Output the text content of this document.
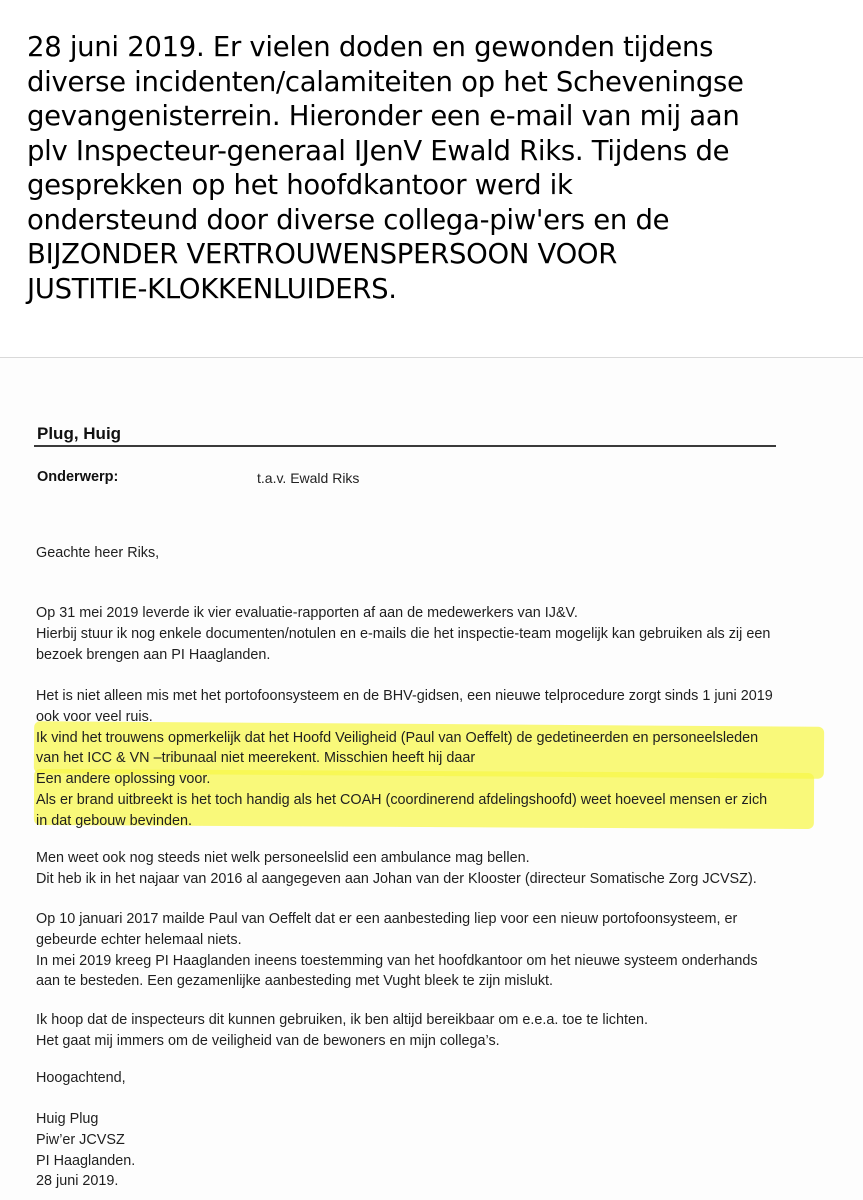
28 juni 2019. Er vielen doden en gewonden tijdens
diverse incidenten/calamiteiten op het Scheveningse
gevangenisterrein. Hieronder een e-mail van mij aan
plv Inspecteur-generaal IJenV Ewald Riks. Tijdens de
gesprekken op het hoofdkantoor werd ik
ondersteund door diverse collega-piw'ers en de
BIJZONDER VERTROUWENSPERSOON VOOR
JUSTITIE-KLOKKENLUIDERS.
Plug, Huig
Onderwerp:	t.a.v. Ewald Riks
Geachte heer Riks,
Op 31 mei 2019 leverde ik vier evaluatie-rapporten af aan de medewerkers van IJ&V.
Hierbij stuur ik nog enkele documenten/notulen en e-mails die het inspectie-team mogelijk kan gebruiken als zij een
bezoek brengen aan PI Haaglanden.
Het is niet alleen mis met het portofoonsysteem en de BHV-gidsen, een nieuwe telprocedure zorgt sinds 1 juni 2019
ook voor veel ruis.
Ik vind het trouwens opmerkelijk dat het Hoofd Veiligheid (Paul van Oeffelt) de gedetineerden en personeelsleden
van het ICC & VN –tribunaal niet meerekent. Misschien heeft hij daar
Een andere oplossing voor.
Als er brand uitbreekt is het toch handig als het COAH (coordinerend afdelingshoofd) weet hoeveel mensen er zich
in dat gebouw bevinden.
Men weet ook nog steeds niet welk personeelslid een ambulance mag bellen.
Dit heb ik in het najaar van 2016 al aangegeven aan Johan van der Klooster (directeur Somatische Zorg JCVSZ).
Op 10 januari 2017 mailde Paul van Oeffelt dat er een aanbesteding liep voor een nieuw portofoonsysteem, er
gebeurde echter helemaal niets.
In mei 2019 kreeg PI Haaglanden ineens toestemming van het hoofdkantoor om het nieuwe systeem onderhands
aan te besteden. Een gezamenlijke aanbesteding met Vught bleek te zijn mislukt.
Ik hoop dat de inspecteurs dit kunnen gebruiken, ik ben altijd bereikbaar om e.e.a. toe te lichten.
Het gaat mij immers om de veiligheid van de bewoners en mijn collega’s.
Hoogachtend,
Huig Plug
Piw’er JCVSZ
PI Haaglanden.
28 juni 2019.
